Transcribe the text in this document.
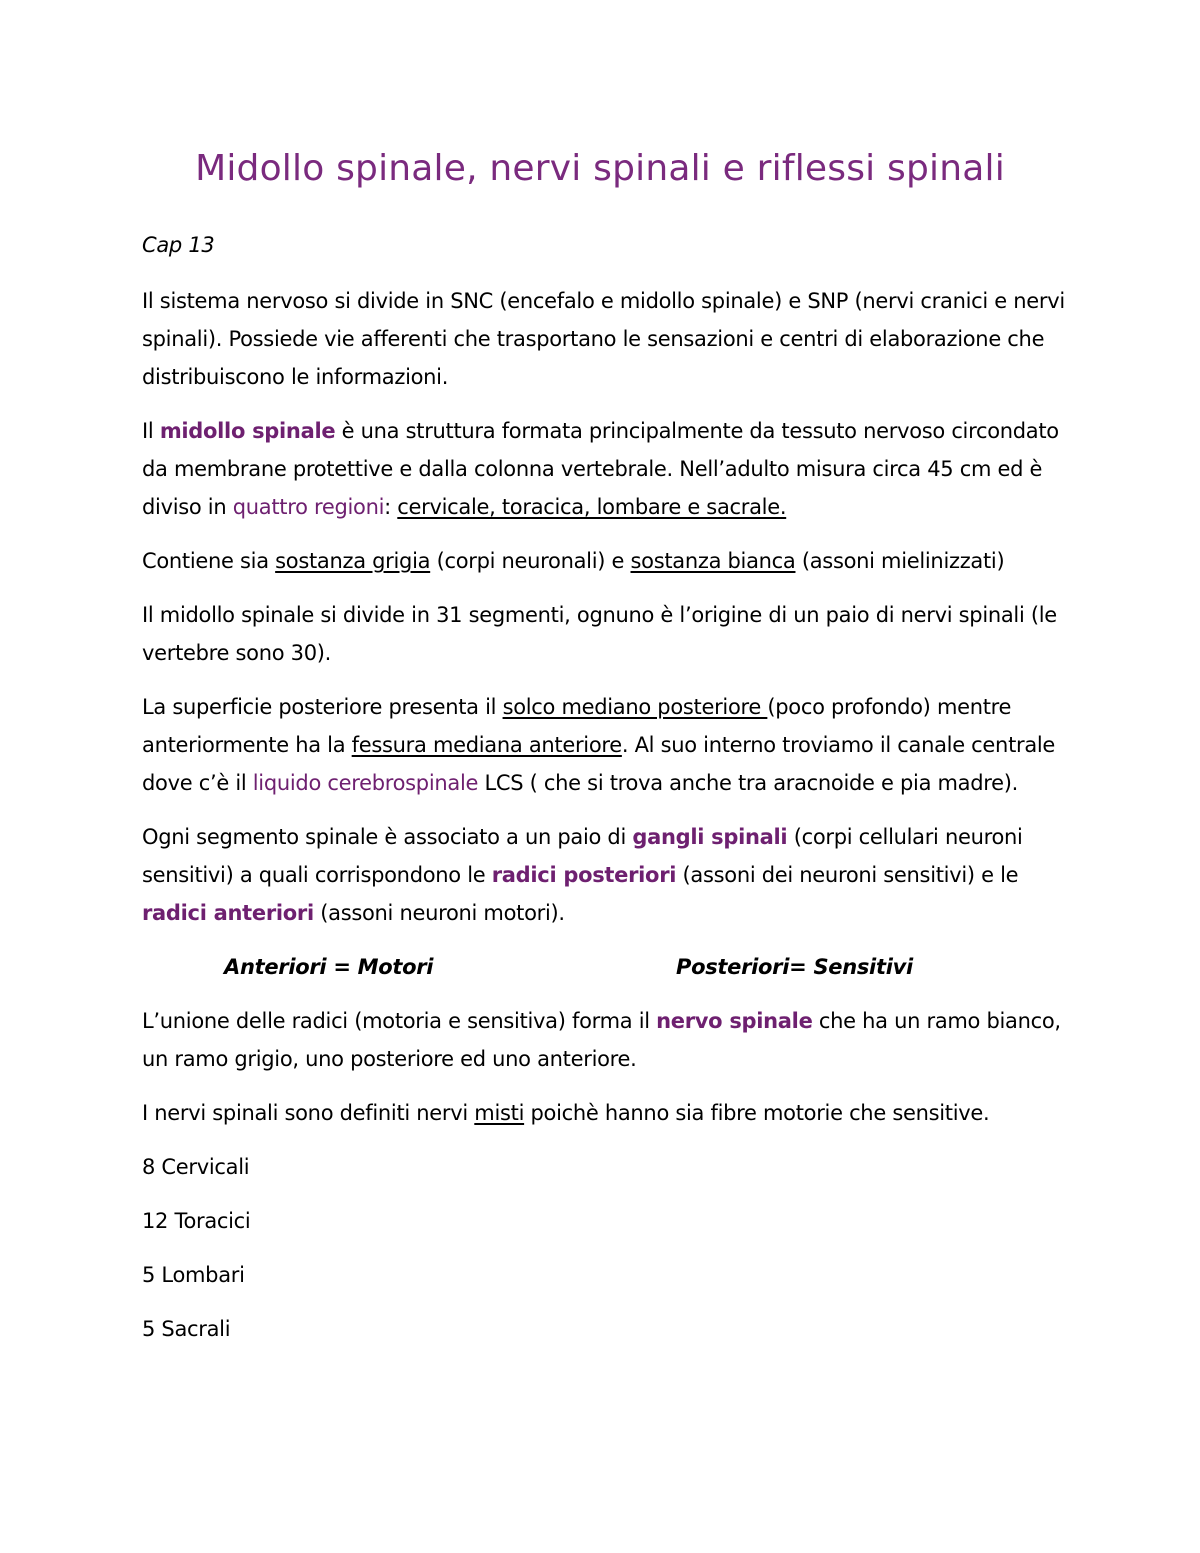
Midollo spinale, nervi spinali e riflessi spinali

Cap 13

Il sistema nervoso si divide in SNC (encefalo e midollo spinale) e SNP (nervi cranici e nervi spinali). Possiede vie afferenti che trasportano le sensazioni e centri di elaborazione che distribuiscono le informazioni.

Il midollo spinale è una struttura formata principalmente da tessuto nervoso circondato da membrane protettive e dalla colonna vertebrale. Nell’adulto misura circa 45 cm ed è diviso in quattro regioni: cervicale, toracica, lombare e sacrale.

Contiene sia sostanza grigia (corpi neuronali) e sostanza bianca (assoni mielinizzati)

Il midollo spinale si divide in 31 segmenti, ognuno è l’origine di un paio di nervi spinali (le vertebre sono 30).

La superficie posteriore presenta il solco mediano posteriore (poco profondo) mentre anteriormente ha la fessura mediana anteriore. Al suo interno troviamo il canale centrale dove c’è il liquido cerebrospinale LCS ( che si trova anche tra aracnoide e pia madre).

Ogni segmento spinale è associato a un paio di gangli spinali (corpi cellulari neuroni sensitivi) a quali corrispondono le radici posteriori (assoni dei neuroni sensitivi) e le radici anteriori (assoni neuroni motori).

Anteriori = Motori	Posteriori= Sensitivi

L’unione delle radici (motoria e sensitiva) forma il nervo spinale che ha un ramo bianco, un ramo grigio, uno posteriore ed uno anteriore.

I nervi spinali sono definiti nervi misti poichè hanno sia fibre motorie che sensitive.

8 Cervicali

12 Toracici

5 Lombari

5 Sacrali
